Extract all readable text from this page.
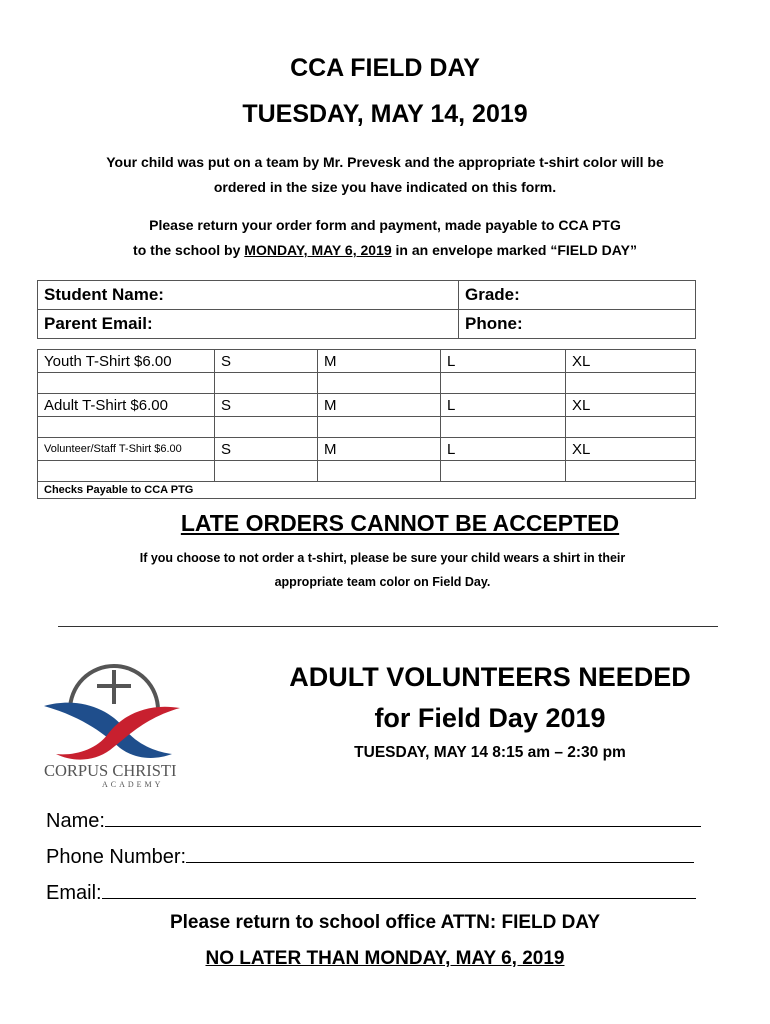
CCA FIELD DAY
TUESDAY, MAY 14, 2019
Your child was put on a team by Mr. Prevesk and the appropriate t-shirt color will be
ordered in the size you have indicated on this form.
Please return your order form and payment, made payable to CCA PTG
to the school by MONDAY, MAY 6, 2019 in an envelope marked “FIELD DAY”
Student Name:	Grade:
Parent Email:	Phone:
Youth T-Shirt $6.00	S	M	L	XL

Adult T-Shirt $6.00	S	M	L	XL

Volunteer/Staff T-Shirt $6.00	S	M	L	XL

Checks Payable to CCA PTG				
LATE ORDERS CANNOT BE ACCEPTED
If you choose to not order a t-shirt, please be sure your child wears a shirt in their
appropriate team color on Field Day.
CORPUS CHRISTI
ACADEMY
ADULT VOLUNTEERS NEEDED
for Field Day 2019
TUESDAY, MAY 14 8:15 am – 2:30 pm
Name:
Phone Number:
Email:
Please return to school office ATTN: FIELD DAY
NO LATER THAN MONDAY, MAY 6, 2019
